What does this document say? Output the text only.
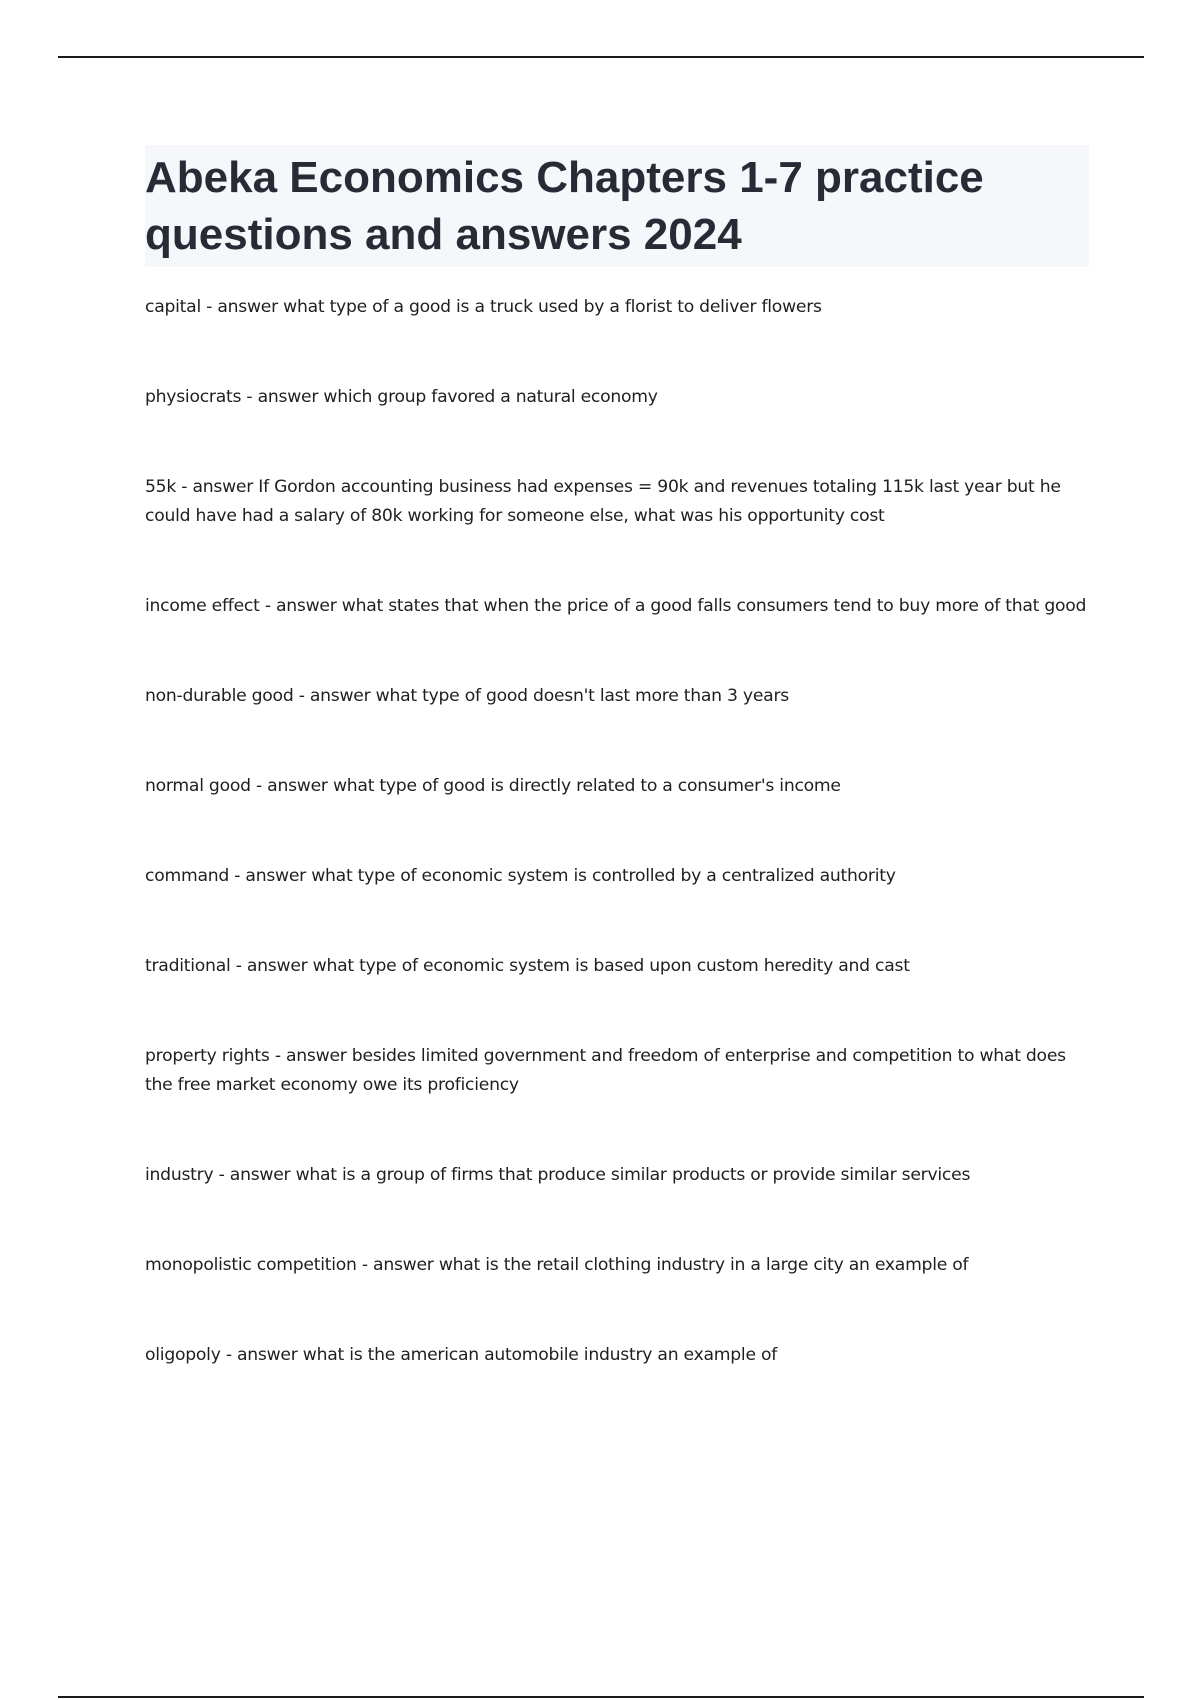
Abeka Economics Chapters 1-7 practice questions and answers 2024
capital - answer what type of a good is a truck used by a florist to deliver flowers
physiocrats - answer which group favored a natural economy
55k - answer If Gordon accounting business had expenses = 90k and revenues totaling 115k last year but he could have had a salary of 80k working for someone else, what was his opportunity cost
income effect - answer what states that when the price of a good falls consumers tend to buy more of that good
non-durable good - answer what type of good doesn't last more than 3 years
normal good - answer what type of good is directly related to a consumer's income
command - answer what type of economic system is controlled by a centralized authority
traditional - answer what type of economic system is based upon custom heredity and cast
property rights - answer besides limited government and freedom of enterprise and competition to what does the free market economy owe its proficiency
industry - answer what is a group of firms that produce similar products or provide similar services
monopolistic competition - answer what is the retail clothing industry in a large city an example of
oligopoly - answer what is the american automobile industry an example of
